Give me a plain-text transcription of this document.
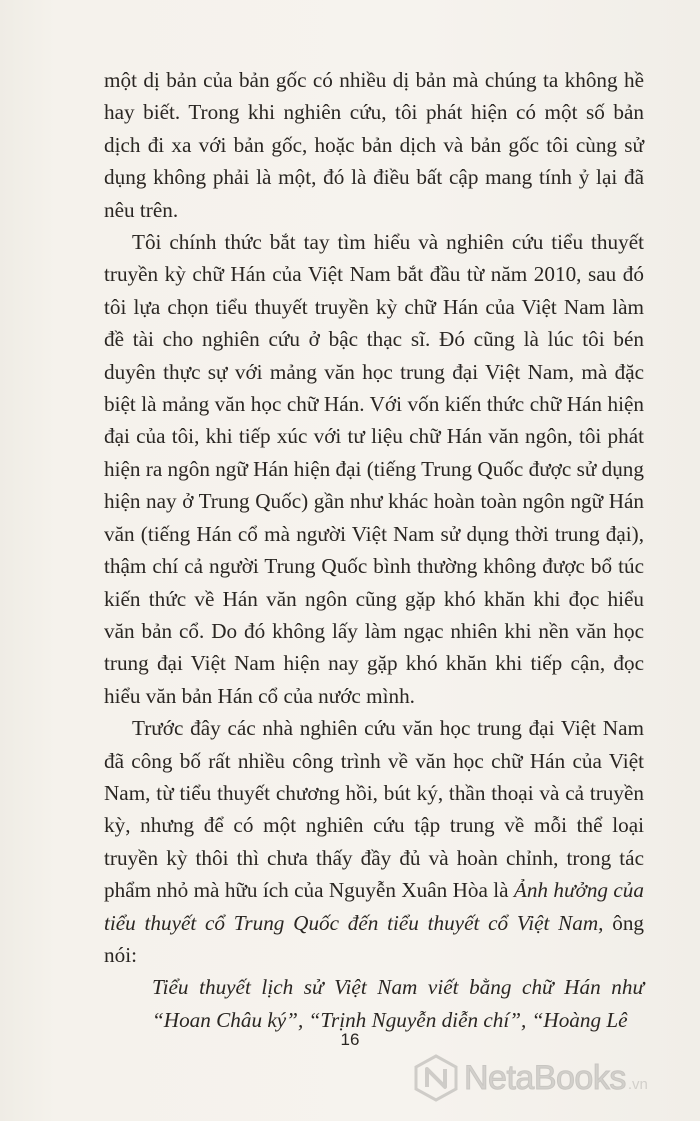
một dị bản của bản gốc có nhiều dị bản mà chúng ta không hề hay biết. Trong khi nghiên cứu, tôi phát hiện có một số bản dịch đi xa với bản gốc, hoặc bản dịch và bản gốc tôi cùng sử dụng không phải là một, đó là điều bất cập mang tính ỷ lại đã nêu trên.

Tôi chính thức bắt tay tìm hiểu và nghiên cứu tiểu thuyết truyền kỳ chữ Hán của Việt Nam bắt đầu từ năm 2010, sau đó tôi lựa chọn tiểu thuyết truyền kỳ chữ Hán của Việt Nam làm đề tài cho nghiên cứu ở bậc thạc sĩ. Đó cũng là lúc tôi bén duyên thực sự với mảng văn học trung đại Việt Nam, mà đặc biệt là mảng văn học chữ Hán. Với vốn kiến thức chữ Hán hiện đại của tôi, khi tiếp xúc với tư liệu chữ Hán văn ngôn, tôi phát hiện ra ngôn ngữ Hán hiện đại (tiếng Trung Quốc được sử dụng hiện nay ở Trung Quốc) gần như khác hoàn toàn ngôn ngữ Hán văn (tiếng Hán cổ mà người Việt Nam sử dụng thời trung đại), thậm chí cả người Trung Quốc bình thường không được bổ túc kiến thức về Hán văn ngôn cũng gặp khó khăn khi đọc hiểu văn bản cổ. Do đó không lấy làm ngạc nhiên khi nền văn học trung đại Việt Nam hiện nay gặp khó khăn khi tiếp cận, đọc hiểu văn bản Hán cổ của nước mình.

Trước đây các nhà nghiên cứu văn học trung đại Việt Nam đã công bố rất nhiều công trình về văn học chữ Hán của Việt Nam, từ tiểu thuyết chương hồi, bút ký, thần thoại và cả truyền kỳ, nhưng để có một nghiên cứu tập trung về mỗi thể loại truyền kỳ thôi thì chưa thấy đầy đủ và hoàn chỉnh, trong tác phẩm nhỏ mà hữu ích của Nguyễn Xuân Hòa là Ảnh hưởng của tiểu thuyết cổ Trung Quốc đến tiểu thuyết cổ Việt Nam, ông nói:

Tiểu thuyết lịch sử Việt Nam viết bằng chữ Hán như “Hoan Châu ký”, “Trịnh Nguyễn diễn chí”, “Hoàng Lê

16
NetaBooks .vn
